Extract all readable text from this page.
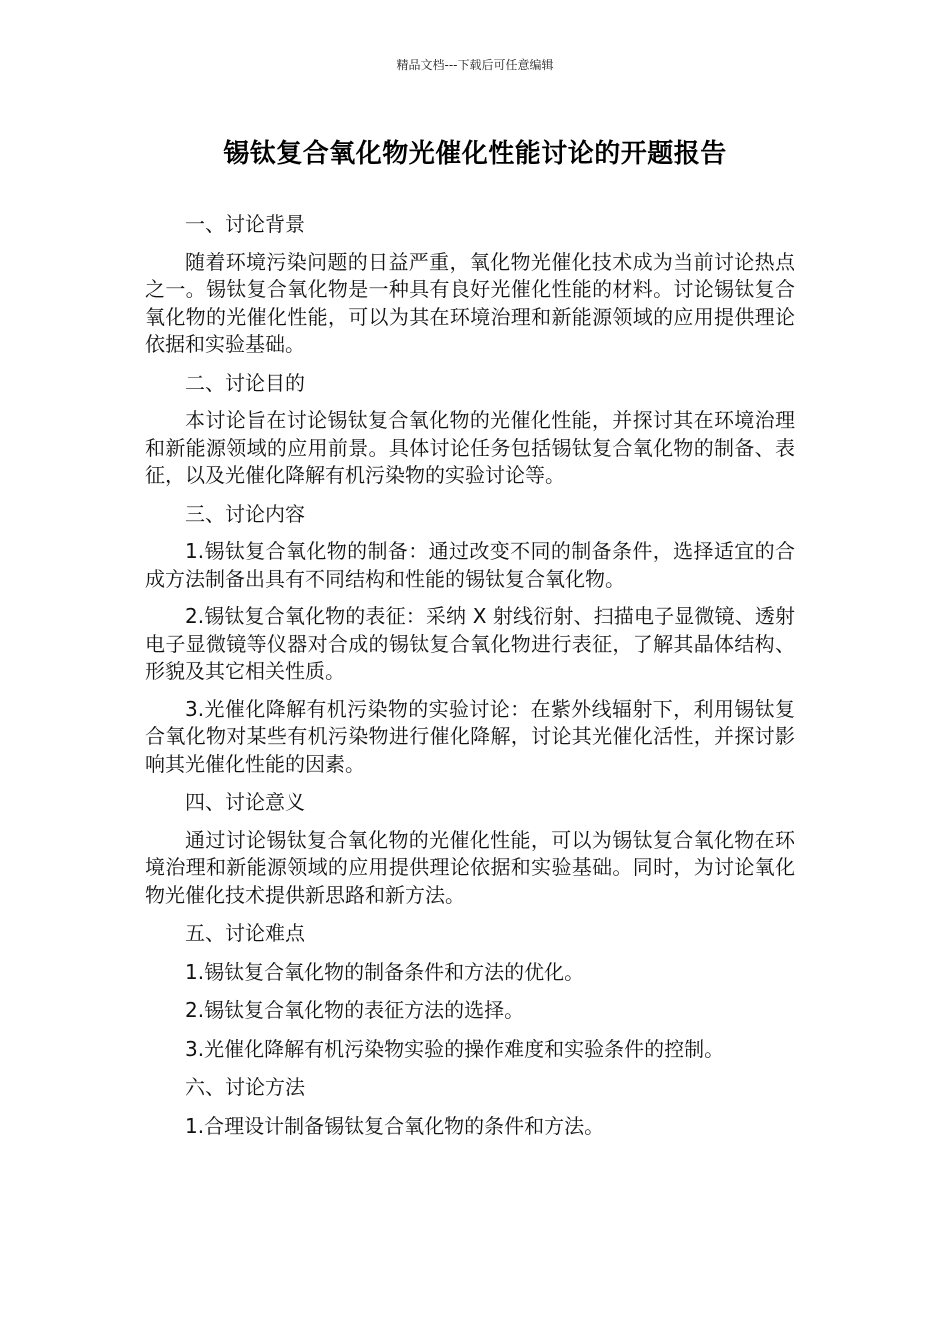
精品文档---下载后可任意编辑
锡钛复合氧化物光催化性能讨论的开题报告

一、讨论背景

随着环境污染问题的日益严重，氧化物光催化技术成为当前讨论热点之一。锡钛复合氧化物是一种具有良好光催化性能的材料。讨论锡钛复合氧化物的光催化性能，可以为其在环境治理和新能源领域的应用提供理论依据和实验基础。

二、讨论目的

本讨论旨在讨论锡钛复合氧化物的光催化性能，并探讨其在环境治理和新能源领域的应用前景。具体讨论任务包括锡钛复合氧化物的制备、表征，以及光催化降解有机污染物的实验讨论等。

三、讨论内容

1.锡钛复合氧化物的制备：通过改变不同的制备条件，选择适宜的合成方法制备出具有不同结构和性能的锡钛复合氧化物。

2.锡钛复合氧化物的表征：采纳 X 射线衍射、扫描电子显微镜、透射电子显微镜等仪器对合成的锡钛复合氧化物进行表征，了解其晶体结构、形貌及其它相关性质。

3.光催化降解有机污染物的实验讨论：在紫外线辐射下，利用锡钛复合氧化物对某些有机污染物进行催化降解，讨论其光催化活性，并探讨影响其光催化性能的因素。

四、讨论意义

通过讨论锡钛复合氧化物的光催化性能，可以为锡钛复合氧化物在环境治理和新能源领域的应用提供理论依据和实验基础。同时，为讨论氧化物光催化技术提供新思路和新方法。

五、讨论难点

1.锡钛复合氧化物的制备条件和方法的优化。

2.锡钛复合氧化物的表征方法的选择。

3.光催化降解有机污染物实验的操作难度和实验条件的控制。

六、讨论方法

1.合理设计制备锡钛复合氧化物的条件和方法。
